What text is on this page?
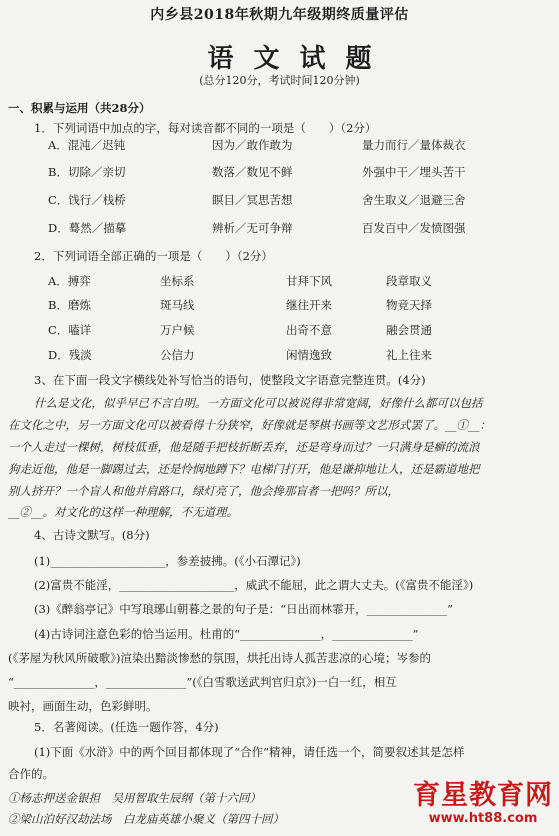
内乡县2018年秋期九年级期终质量评估
语文试题
(总分120分，考试时间120分钟)
一、积累与运用（共28分）
1．下列词语中加点的字，每对读音都不同的一项是（　　）（2分）
A．混沌／迟钝	因为／敢作敢为	量力而行／量体裁衣
B．切除／亲切	数落／数见不鲜	外强中干／埋头苦干
C．饯行／栈桥	瞑目／冥思苦想	舍生取义／退避三舍
D．蓦然／描摹	辨析／无可争辩	百发百中／发愤图强
2．下列词语全部正确的一项是（　　）（2分）
A．搏弈	坐标系	甘拜下风	段章取义
B．磨炼	斑马线	继往开来	物竞天择
C．嗑详	万户候	出奇不意	融会贯通
D．残淡	公信力	闲情逸致	礼上往来
3、在下面一段文字横线处补写恰当的语句，使整段文字语意完整连贯。(4分)
什么是文化，似乎早已不言自明。一方面文化可以被说得非常宽阔，好像什么都可以包括
在文化之中，另一方面文化可以被看得十分狭窄，好像就是琴棋书画等文艺形式罢了。__①__：
一个人走过一棵树，树枝低垂，他是随手把枝折断丢弃，还是弯身而过？一只满身是癣的流浪
狗走近他，他是一脚踢过去，还是怜悯地蹲下？电梯门打开，他是谦抑地让人，还是霸道地把
别人挤开？一个盲人和他并肩路口，绿灯亮了，他会搀那盲者一把吗？所以，
__②__。对文化的这样一种理解，不无道理。
4、古诗文默写。(8分)
(1)____________________，参差披拂。(《小石潭记》)
(2)富贵不能淫，____________________，威武不能屈，此之谓大丈夫。(《富贵不能淫》)
(3)《醉翁亭记》中写琅琊山朝暮之景的句子是：“日出而林霏开，______________”
(4)古诗词注意色彩的恰当运用。杜甫的“______________，______________”
(《茅屋为秋风所破歌》)渲染出黯淡惨愁的氛围，烘托出诗人孤苦悲凉的心境；岑参的
“______________，______________”(《白雪歌送武判官归京》)一白一红，相互
映衬，画面生动，色彩鲜明。
5．名著阅读。(任选一题作答，4分)
(1)下面《水浒》中的两个回目都体现了“合作”精神，请任选一个，简要叙述其是怎样
合作的。
①杨志押送金银担　吴用智取生辰纲（第十六回）
②梁山泊好汉劫法场　白龙庙英雄小聚义（第四十回）
育星教育网
www.ht88.com
